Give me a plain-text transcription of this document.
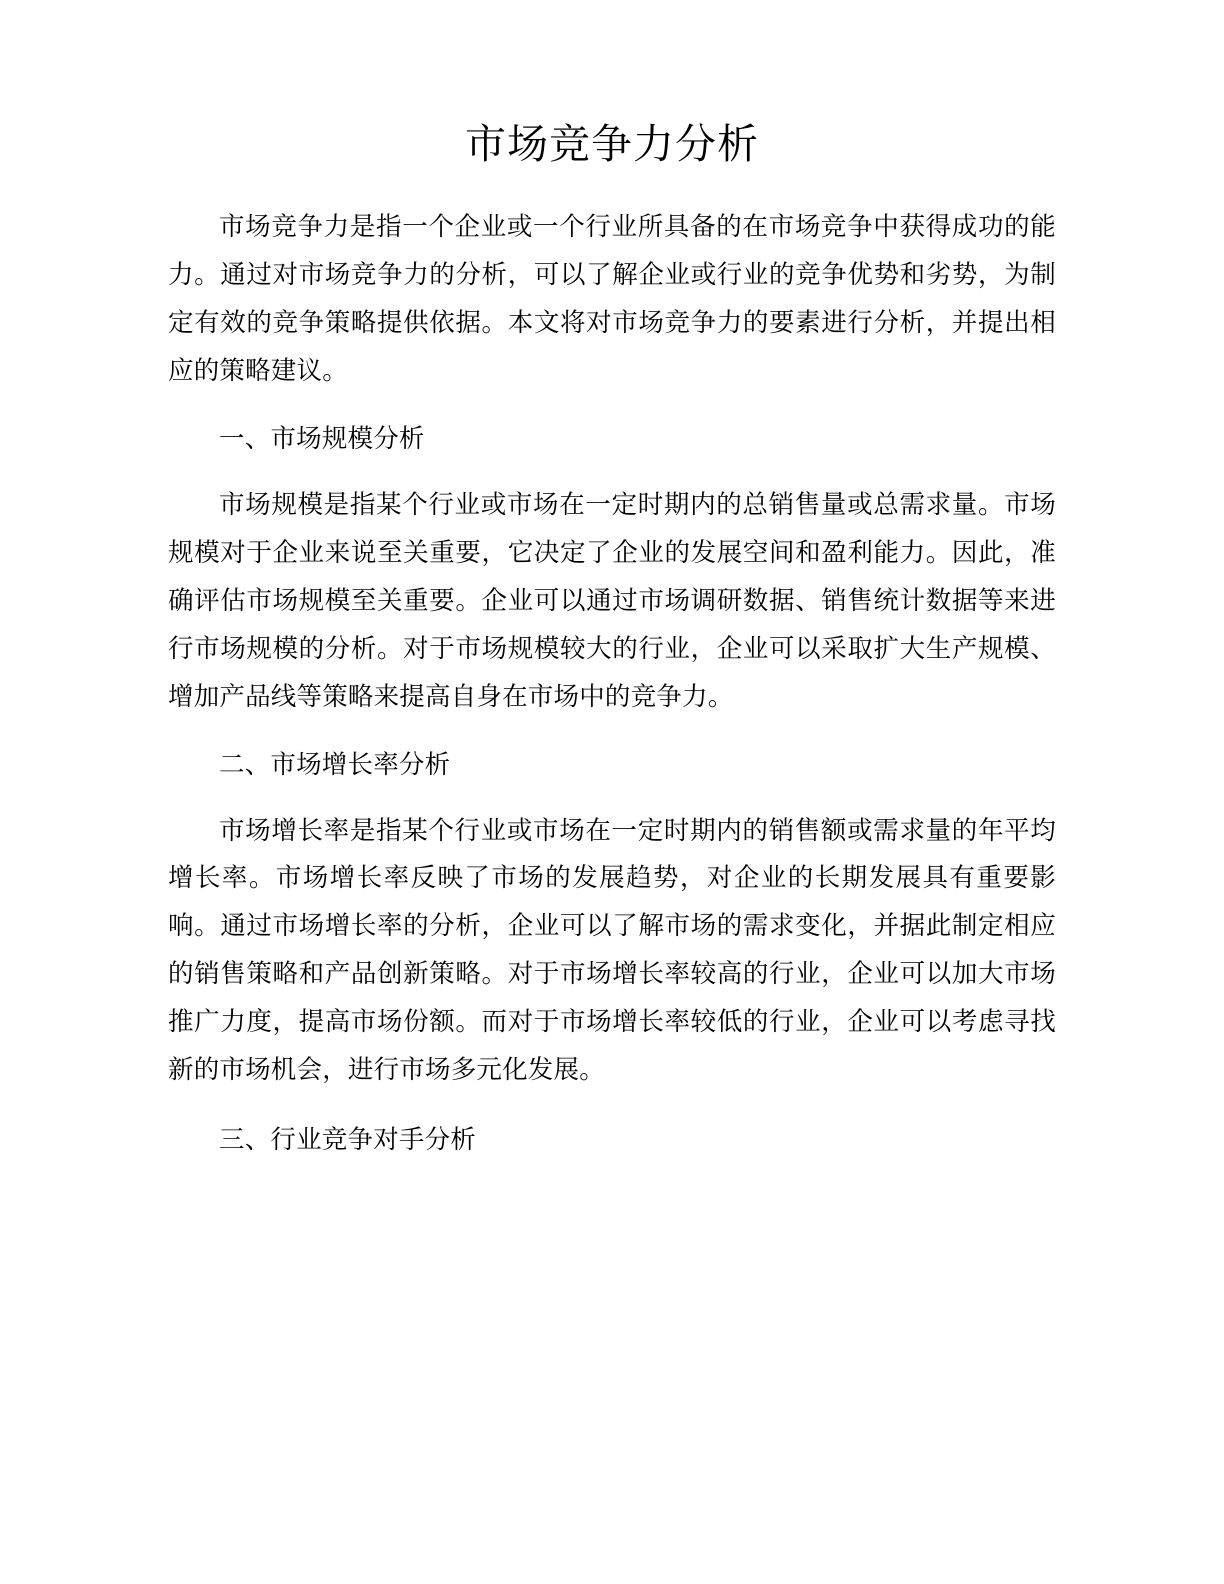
市场竞争力分析

市场竞争力是指一个企业或一个行业所具备的在市场竞争中获得成功的能力。通过对市场竞争力的分析，可以了解企业或行业的竞争优势和劣势，为制定有效的竞争策略提供依据。本文将对市场竞争力的要素进行分析，并提出相应的策略建议。

一、市场规模分析

市场规模是指某个行业或市场在一定时期内的总销售量或总需求量。市场规模对于企业来说至关重要，它决定了企业的发展空间和盈利能力。因此，准确评估市场规模至关重要。企业可以通过市场调研数据、销售统计数据等来进行市场规模的分析。对于市场规模较大的行业，企业可以采取扩大生产规模、增加产品线等策略来提高自身在市场中的竞争力。

二、市场增长率分析

市场增长率是指某个行业或市场在一定时期内的销售额或需求量的年平均增长率。市场增长率反映了市场的发展趋势，对企业的长期发展具有重要影响。通过市场增长率的分析，企业可以了解市场的需求变化，并据此制定相应的销售策略和产品创新策略。对于市场增长率较高的行业，企业可以加大市场推广力度，提高市场份额。而对于市场增长率较低的行业，企业可以考虑寻找新的市场机会，进行市场多元化发展。

三、行业竞争对手分析
